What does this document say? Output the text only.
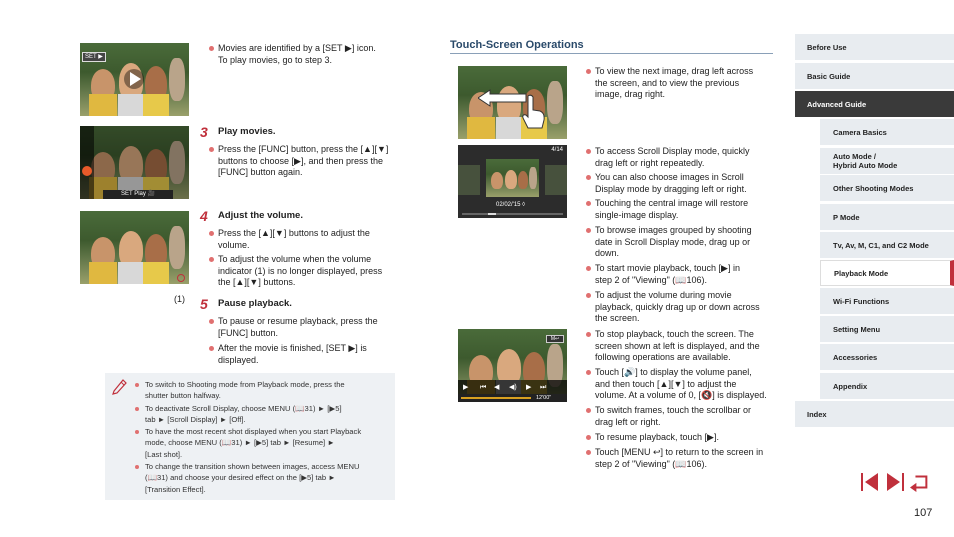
SET ▶
Movies are identified by a [SET ▶] icon.
To play movies, go to step 3.
SET Play 🎥
3 Play movies.
Press the [FUNC] button, press the [▲][▼]
buttons to choose [▶], and then press the
[FUNC] button again.
(1)
4 Adjust the volume.
Press the [▲][▼] buttons to adjust the
volume.
To adjust the volume when the volume
indicator (1) is no longer displayed, press
the [▲][▼] buttons.
5 Pause playback.
To pause or resume playback, press the
[FUNC] button.
After the movie is finished, [SET ▶] is
displayed.
To switch to Shooting mode from Playback mode, press the
shutter button halfway.
To deactivate Scroll Display, choose MENU (📖31) ► [▶5]
tab ► [Scroll Display] ► [Off].
To have the most recent shot displayed when you start Playback
mode, choose MENU (📖31) ► [▶5] tab ► [Resume] ►
[Last shot].
To change the transition shown between images, access MENU
(📖31) and choose your desired effect on the [▶5] tab ►
[Transition Effect].
Touch-Screen Operations
To view the next image, drag left across
the screen, and to view the previous
image, drag right.
4/14
02/02/'15 ◊
To access Scroll Display mode, quickly
drag left or right repeatedly.
You can also choose images in Scroll
Display mode by dragging left or right.
Touching the central image will restore
single-image display.
To browse images grouped by shooting
date in Scroll Display mode, drag up or
down.
To start movie playback, touch [▶] in
step 2 of "Viewing" (📖106).
To adjust the volume during movie
playback, quickly drag up or down across
the screen.
M↩
▶ ⏮ ◀ ◀) ▶ ⏭
12'00"
To stop playback, touch the screen. The
screen shown at left is displayed, and the
following operations are available.
Touch [🔊] to display the volume panel,
and then touch [▲][▼] to adjust the
volume. At a volume of 0, [🔇] is displayed.
To switch frames, touch the scrollbar or
drag left or right.
To resume playback, touch [▶].
Touch [MENU ↩] to return to the screen in
step 2 of "Viewing" (📖106).
Before Use
Basic Guide
Advanced Guide
Camera Basics
Auto Mode /
Hybrid Auto Mode
Other Shooting Modes
P Mode
Tv, Av, M, C1, and C2 Mode
Playback Mode
Wi-Fi Functions
Setting Menu
Accessories
Appendix
Index
107
